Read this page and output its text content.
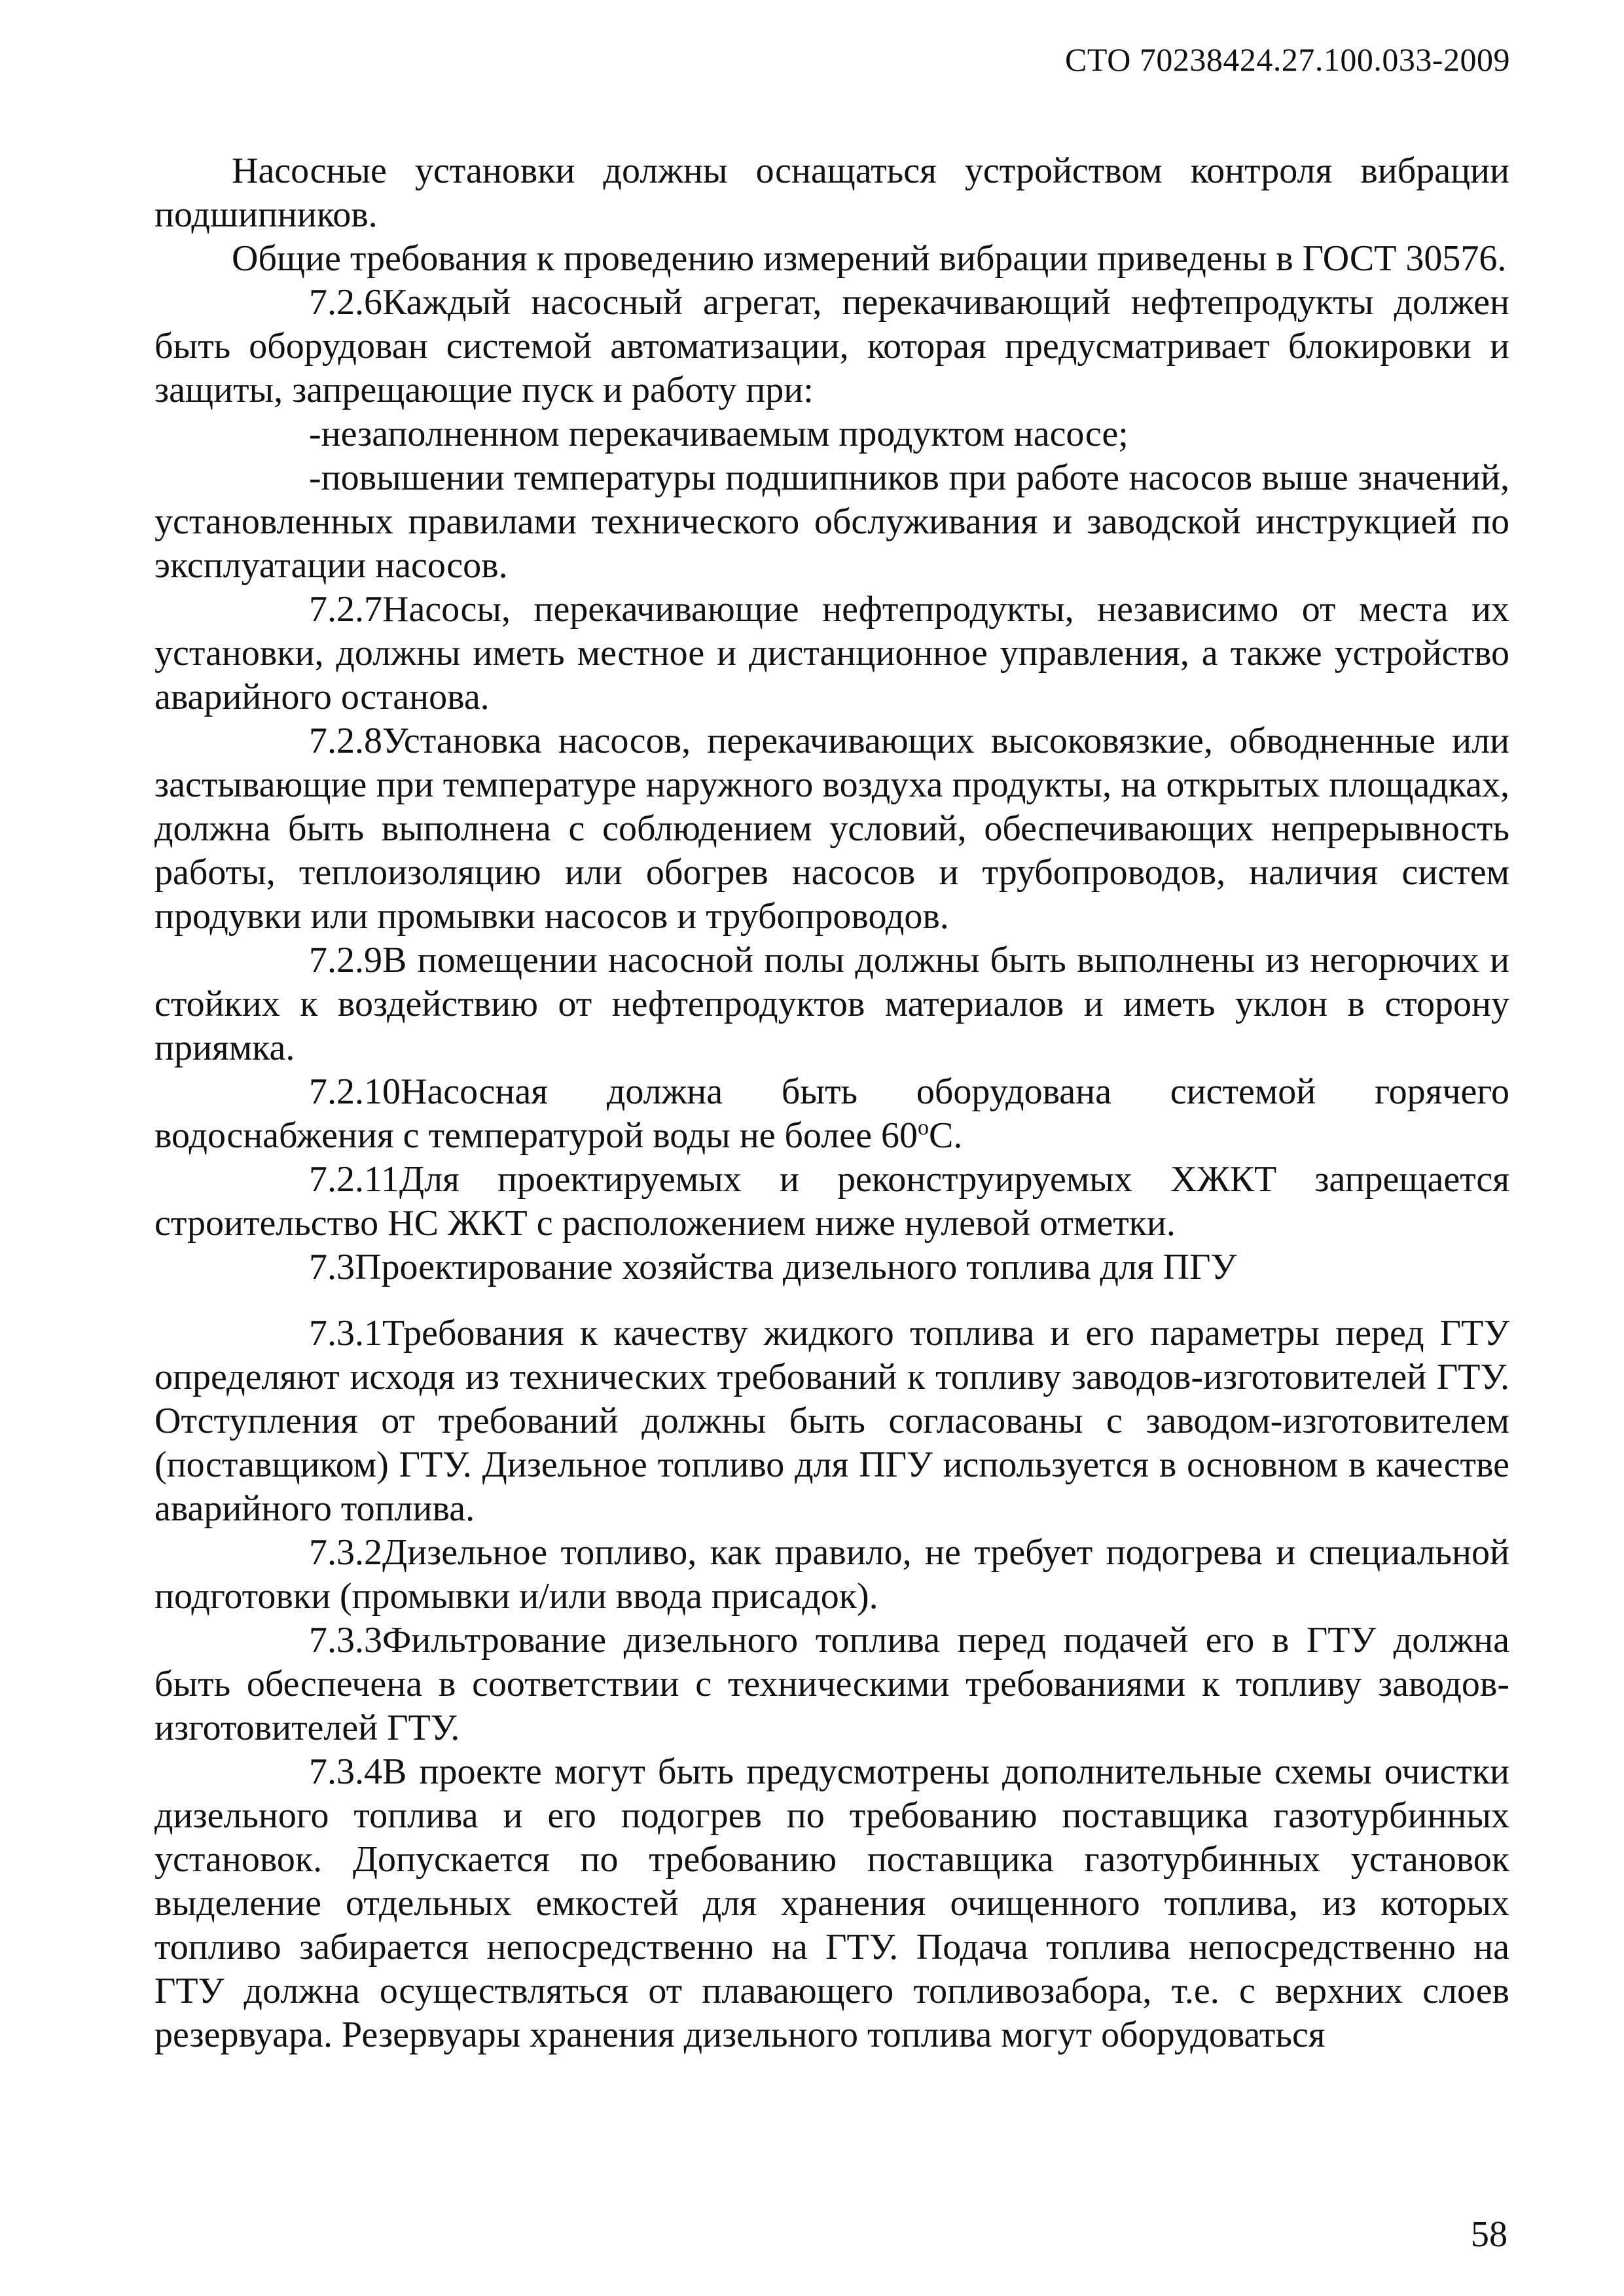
СТО 70238424.27.100.033-2009

Насосные установки должны оснащаться устройством контроля вибрации подшипников.

Общие требования к проведению измерений вибрации приведены в ГОСТ 30576.

7.2.6Каждый насосный агрегат, перекачивающий нефтепродукты должен быть оборудован системой автоматизации, которая предусматривает блокировки и защиты, запрещающие пуск и работу при:

-незаполненном перекачиваемым продуктом насосе;

-повышении температуры подшипников при работе насосов выше значений, установленных правилами технического обслуживания и заводской инструкцией по эксплуатации насосов.

7.2.7Насосы, перекачивающие нефтепродукты, независимо от места их установки, должны иметь местное и дистанционное управления, а также устройство аварийного останова.

7.2.8Установка насосов, перекачивающих высоковязкие, обводненные или застывающие при температуре наружного воздуха продукты, на открытых площадках, должна быть выполнена с соблюдением условий, обеспечивающих непрерывность работы, теплоизоляцию или обогрев насосов и трубопроводов, наличия систем продувки или промывки насосов и трубопроводов.

7.2.9В помещении насосной полы должны быть выполнены из негорючих и стойких к воздействию от нефтепродуктов материалов и иметь уклон в сторону приямка.

7.2.10Насосная должна быть оборудована системой горячего водоснабжения с температурой воды не более $60^оС$.

7.2.11Для проектируемых и реконструируемых ХЖКТ запрещается строительство НС ЖКТ с расположением ниже нулевой отметки.

7.3Проектирование хозяйства дизельного топлива для ПГУ

7.3.1Требования к качеству жидкого топлива и его параметры перед ГТУ определяют исходя из технических требований к топливу заводов-изготовителей ГТУ. Отступления от требований должны быть согласованы с заводом-изготовителем (поставщиком) ГТУ. Дизельное топливо для ПГУ используется в основном в качестве аварийного топлива.

7.3.2Дизельное топливо, как правило, не требует подогрева и специальной подготовки (промывки и/или ввода присадок).

7.3.3Фильтрование дизельного топлива перед подачей его в ГТУ должна быть обеспечена в соответствии с техническими требованиями к топливу заводов-изготовителей ГТУ.

7.3.4В проекте могут быть предусмотрены дополнительные схемы очистки дизельного топлива и его подогрев по требованию поставщика газотурбинных установок. Допускается по требованию поставщика газотурбинных установок выделение отдельных емкостей для хранения очищенного топлива, из которых топливо забирается непосредственно на ГТУ. Подача топлива непосредственно на ГТУ должна осуществляться от плавающего топливозабора, т.е. с верхних слоев резервуара. Резервуары хранения дизельного топлива могут оборудоваться

58
